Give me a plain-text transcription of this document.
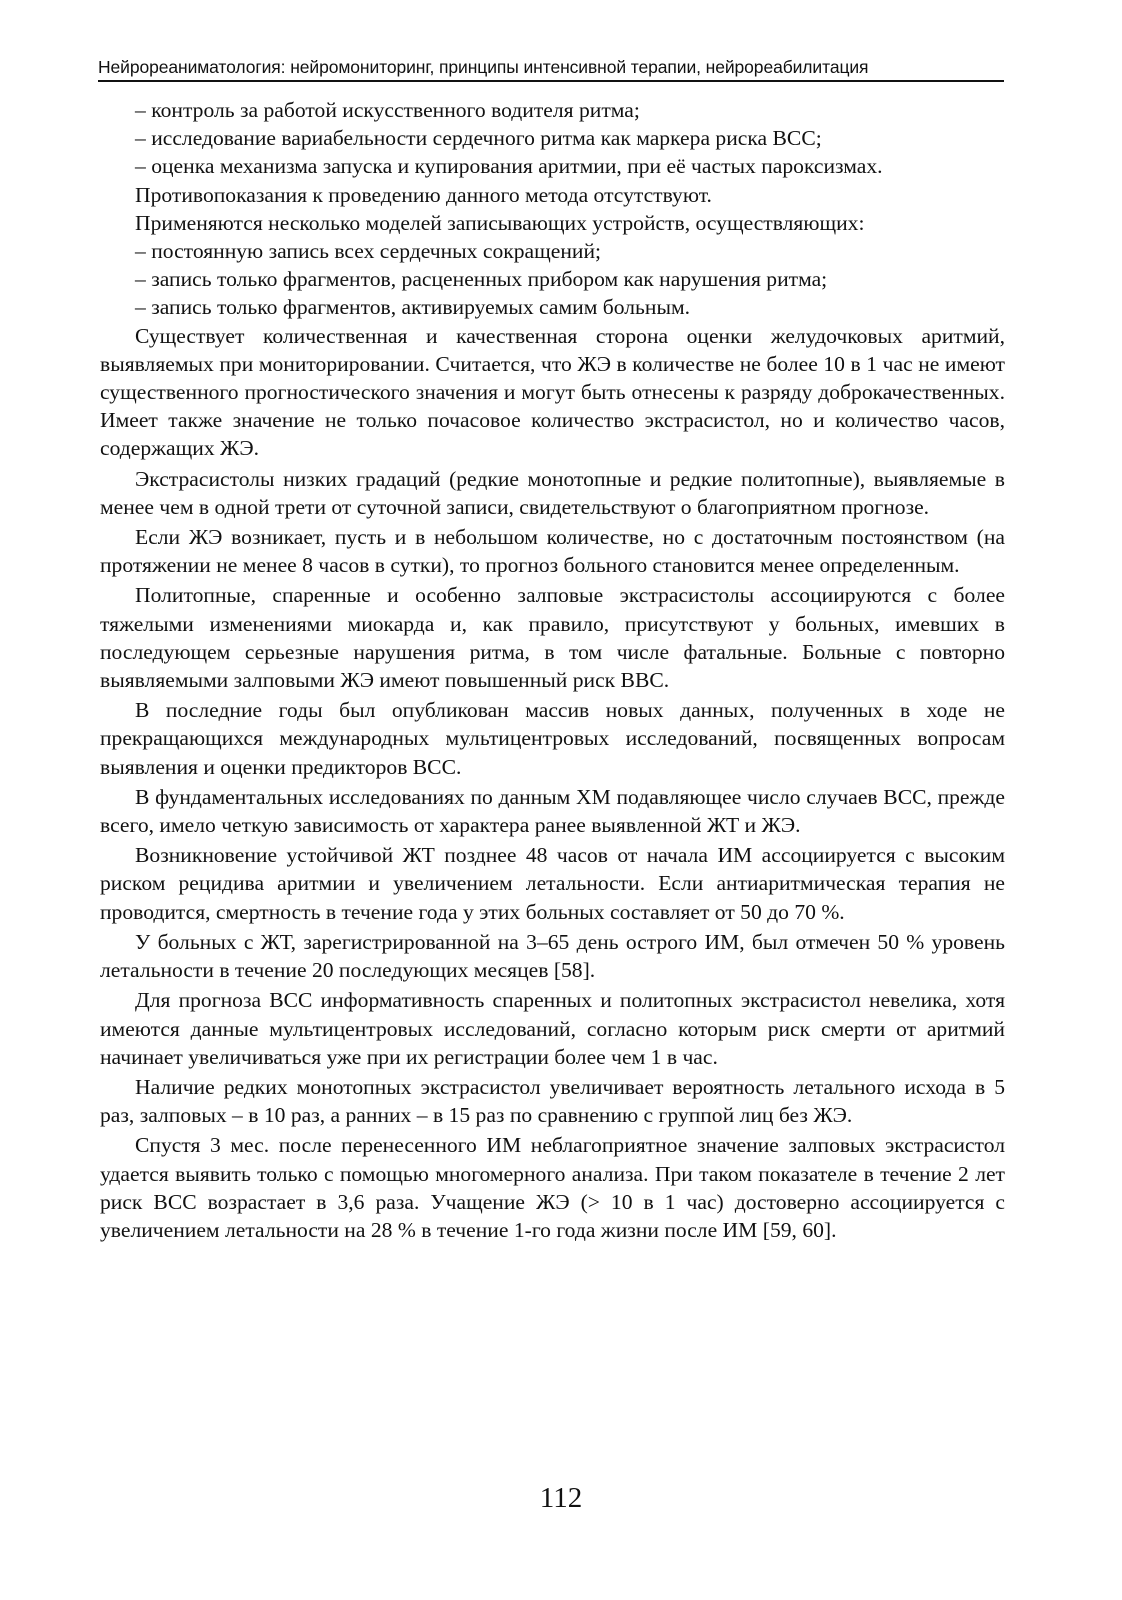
Нейрореаниматология: нейромониторинг, принципы интенсивной терапии, нейрореабилитация

– контроль за работой искусственного водителя ритма;

– исследование вариабельности сердечного ритма как маркера риска ВСС;

– оценка механизма запуска и купирования аритмии, при её частых пароксизмах.

Противопоказания к проведению данного метода отсутствуют.

Применяются несколько моделей записывающих устройств, осуществляющих:

– постоянную запись всех сердечных сокращений;

– запись только фрагментов, расцененных прибором как нарушения ритма;

– запись только фрагментов, активируемых самим больным.

Существует количественная и качественная сторона оценки желудочковых аритмий, выявляемых при мониторировании. Считается, что ЖЭ в количестве не более 10 в 1 час не имеют существенного прогностического значения и могут быть отнесены к разряду доброкачественных. Имеет также значение не только почасовое количество экстрасистол, но и количество часов, содержащих ЖЭ.

Экстрасистолы низких градаций (редкие монотопные и редкие политопные), выявляемые в менее чем в одной трети от суточной записи, свидетельствуют о благоприятном прогнозе.

Если ЖЭ возникает, пусть и в небольшом количестве, но с достаточным постоянством (на протяжении не менее 8 часов в сутки), то прогноз больного становится менее определенным.

Политопные, спаренные и особенно залповые экстрасистолы ассоциируются с более тяжелыми изменениями миокарда и, как правило, присутствуют у больных, имевших в последующем серьезные нарушения ритма, в том числе фатальные. Больные с повторно выявляемыми залповыми ЖЭ имеют повышенный риск ВВС.

В последние годы был опубликован массив новых данных, полученных в ходе не прекращающихся международных мультицентровых исследований, посвященных вопросам выявления и оценки предикторов ВСС.

В фундаментальных исследованиях по данным ХМ подавляющее число случаев ВСС, прежде всего, имело четкую зависимость от характера ранее выявленной ЖТ и ЖЭ.

Возникновение устойчивой ЖТ позднее 48 часов от начала ИМ ассоциируется с высоким риском рецидива аритмии и увеличением летальности. Если антиаритмическая терапия не проводится, смертность в течение года у этих больных составляет от 50 до 70 %.

У больных с ЖТ, зарегистрированной на 3–65 день острого ИМ, был отмечен 50 % уровень летальности в течение 20 последующих месяцев [58].

Для прогноза ВСС информативность спаренных и политопных экстрасистол невелика, хотя имеются данные мультицентровых исследований, согласно которым риск смерти от аритмий начинает увеличиваться уже при их регистрации более чем 1 в час.

Наличие редких монотопных экстрасистол увеличивает вероятность летального исхода в 5 раз, залповых – в 10 раз, а ранних – в 15 раз по сравнению с группой лиц без ЖЭ.

Спустя 3 мес. после перенесенного ИМ неблагоприятное значение залповых экстрасистол удается выявить только с помощью многомерного анализа. При таком показателе в течение 2 лет риск ВСС возрастает в 3,6 раза. Учащение ЖЭ (> 10 в 1 час) достоверно ассоциируется с увеличением летальности на 28 % в течение 1-го года жизни после ИМ [59, 60].

112
